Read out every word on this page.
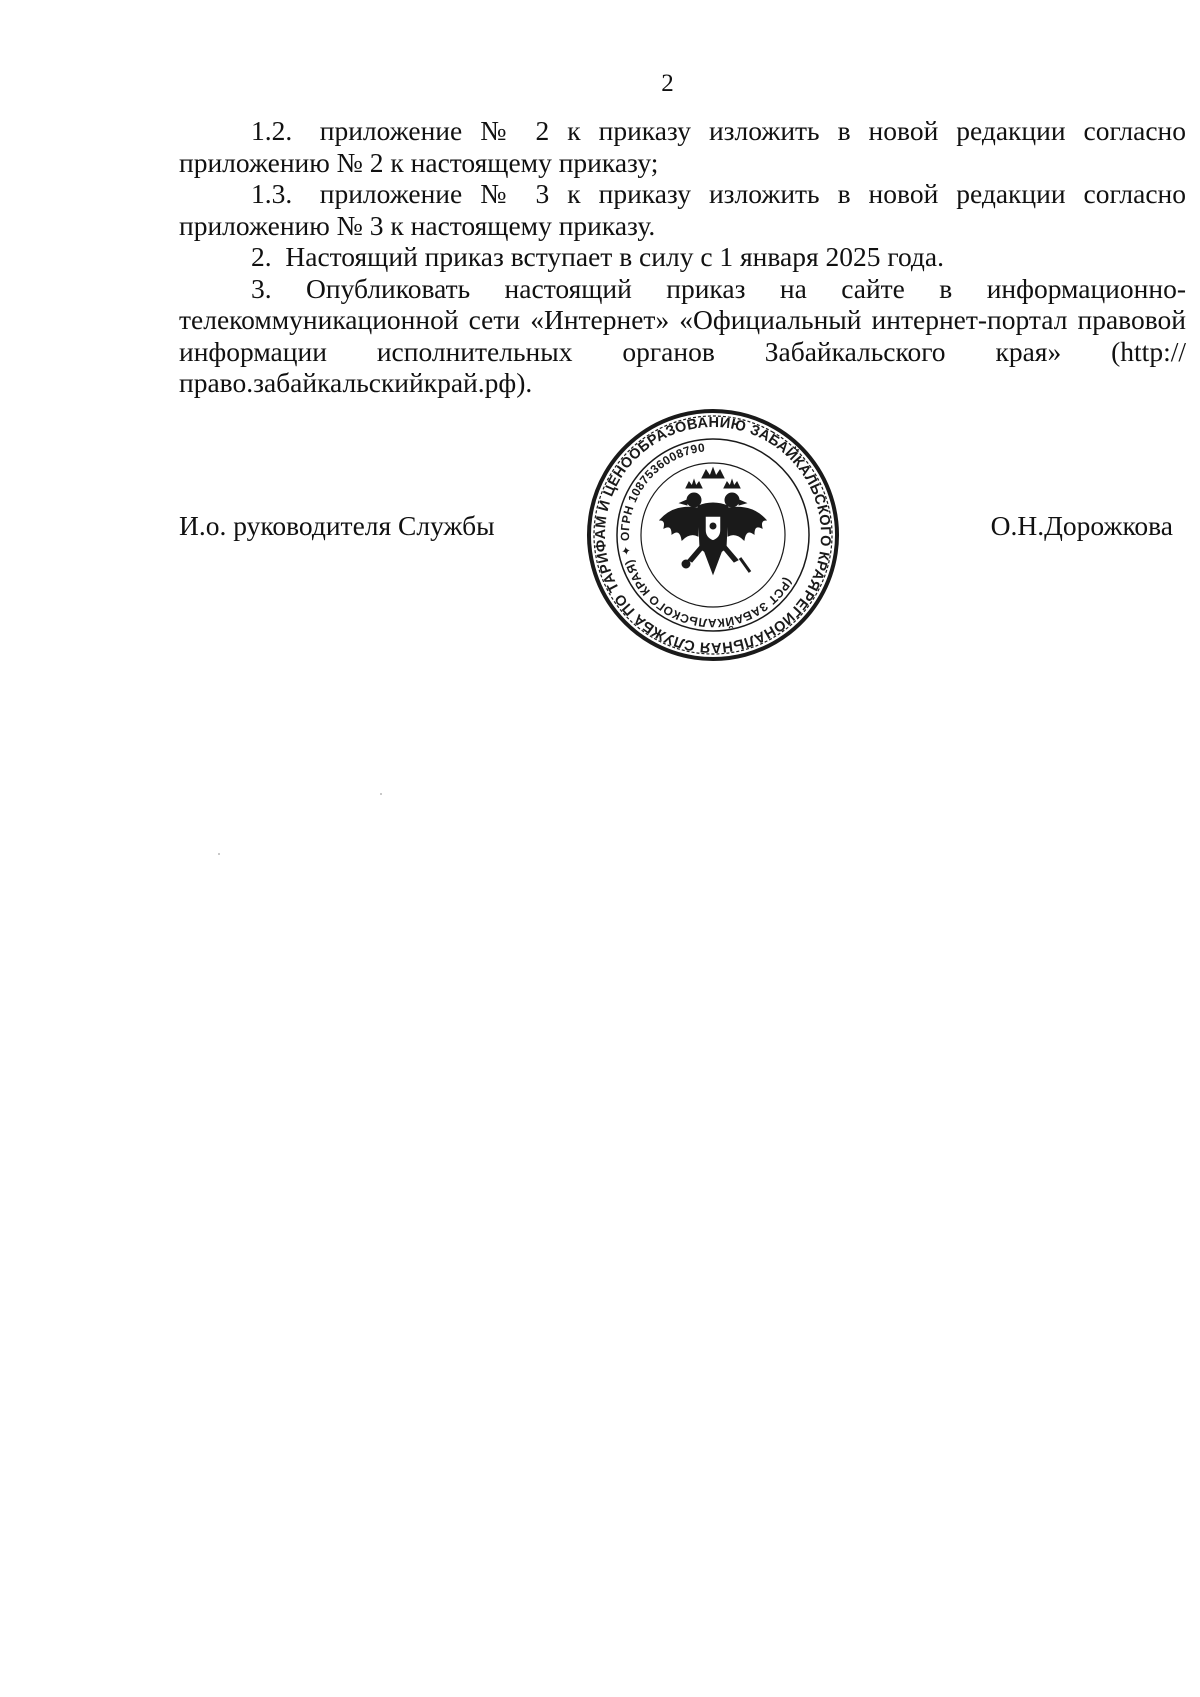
2

1.2. приложение № 2 к приказу изложить в новой редакции согласно приложению № 2 к настоящему приказу;

1.3. приложение № 3 к приказу изложить в новой редакции согласно приложению № 3 к настоящему приказу.

2.  Настоящий приказ вступает в силу с 1 января 2025 года.

3. Опубликовать настоящий приказ на сайте в информационно-телекоммуникационной сети «Интернет» «Официальный интернет-портал правовой информации исполнительных органов Забайкальского края» (http://право.забайкальскийкрай.рф).

И.о. руководителя Службы	О.Н.Дорожкова
РЕГИОНАЛЬНАЯ СЛУЖБА ПО ТАРИФАМ И ЦЕНООБРАЗОВАНИЮ ЗАБАЙКАЛЬСКОГО КРАЯ
(РСТ ЗАБАЙКАЛЬСКОГО КРАЯ) ✦ ОГРН 1087536008790
